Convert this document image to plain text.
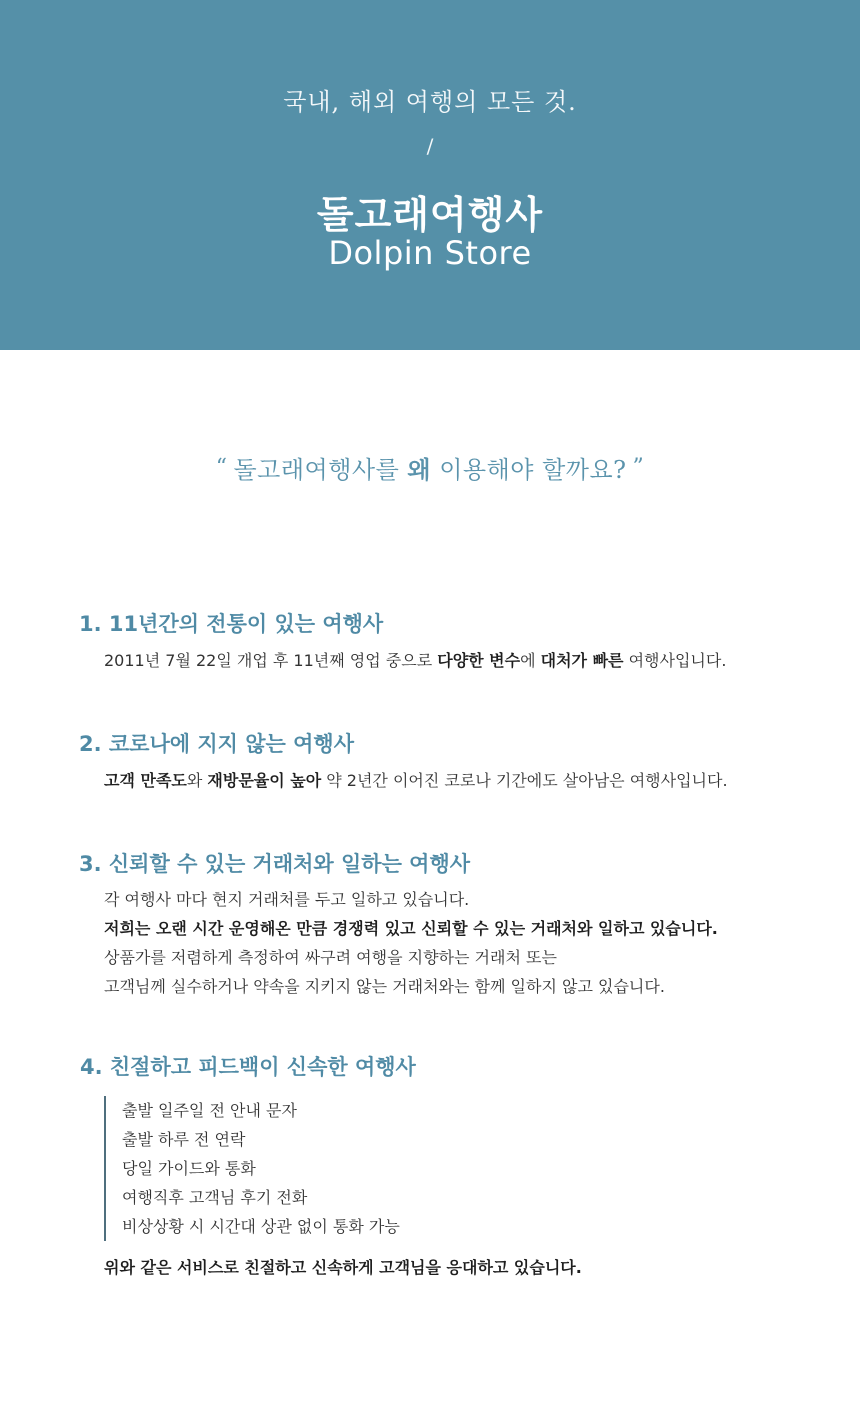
국내, 해외 여행의 모든 것.
/
돌고래여행사
Dolpin Store
“ 돌고래여행사를 왜 이용해야 할까요? ”
1. 11년간의 전통이 있는 여행사
2011년 7월 22일 개업 후 11년째 영업 중으로 다양한 변수에 대처가 빠른 여행사입니다.
2. 코로나에 지지 않는 여행사
고객 만족도와 재방문율이 높아 약 2년간 이어진 코로나 기간에도 살아남은 여행사입니다.
3. 신뢰할 수 있는 거래처와 일하는 여행사
각 여행사 마다 현지 거래처를 두고 일하고 있습니다.
저희는 오랜 시간 운영해온 만큼 경쟁력 있고 신뢰할 수 있는 거래처와 일하고 있습니다.
상품가를 저렴하게 측정하여 싸구려 여행을 지향하는 거래처 또는
고객님께 실수하거나 약속을 지키지 않는 거래처와는 함께 일하지 않고 있습니다.
4. 친절하고 피드백이 신속한 여행사
출발 일주일 전 안내 문자
출발 하루 전 연락
당일 가이드와 통화
여행직후 고객님 후기 전화
비상상황 시 시간대 상관 없이 통화 가능
위와 같은 서비스로 친절하고 신속하게 고객님을 응대하고 있습니다.
